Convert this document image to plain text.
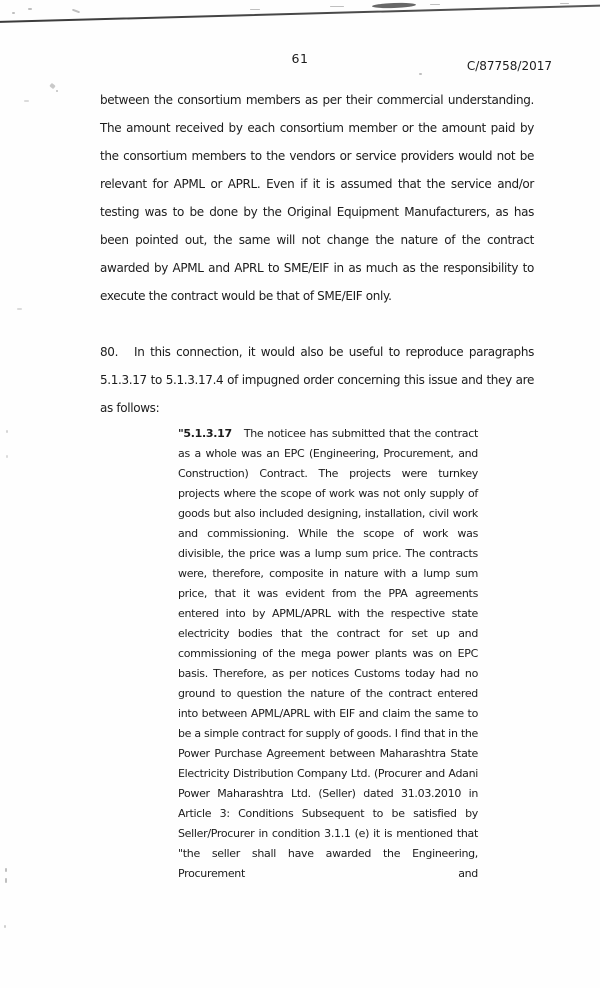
61	C/87758/2017
between the consortium members as per their commercial understanding. The amount received by each consortium member or the amount paid by the consortium members to the vendors or service providers would not be relevant for APML or APRL. Even if it is assumed that the service and/or testing was to be done by the Original Equipment Manufacturers, as has been pointed out, the same will not change the nature of the contract awarded by APML and APRL to SME/EIF in as much as the responsibility to execute the contract would be that of SME/EIF only.
80. In this connection, it would also be useful to reproduce paragraphs 5.1.3.17 to 5.1.3.17.4 of impugned order concerning this issue and they are as follows:
"5.1.3.17 The noticee has submitted that the contract as a whole was an EPC (Engineering, Procurement, and Construction) Contract. The projects were turnkey projects where the scope of work was not only supply of goods but also included designing, installation, civil work and commissioning. While the scope of work was divisible, the price was a lump sum price. The contracts were, therefore, composite in nature with a lump sum price, that it was evident from the PPA agreements entered into by APML/APRL with the respective state electricity bodies that the contract for set up and commissioning of the mega power plants was on EPC basis. Therefore, as per notices Customs today had no ground to question the nature of the contract entered into between APML/APRL with EIF and claim the same to be a simple contract for supply of goods. I find that in the Power Purchase Agreement between Maharashtra State Electricity Distribution Company Ltd. (Procurer and Adani Power Maharashtra Ltd. (Seller) dated 31.03.2010 in Article 3: Conditions Subsequent to be satisfied by Seller/Procurer in condition 3.1.1 (e) it is mentioned that "the seller shall have awarded the Engineering, Procurement and
